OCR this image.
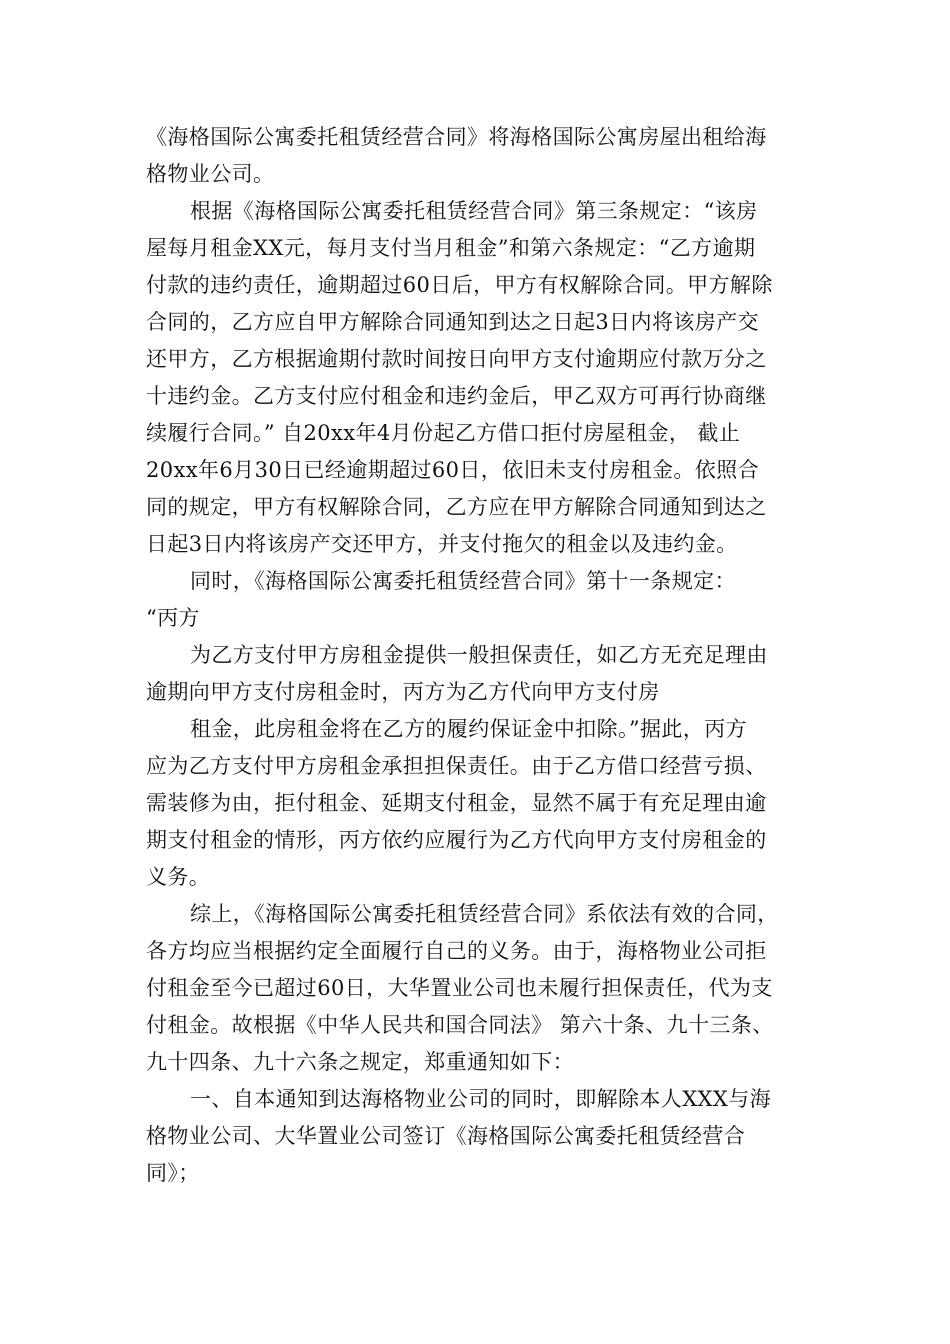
《海格国际公寓委托租赁经营合同》将海格国际公寓房屋出租给海
格物业公司。
根据《海格国际公寓委托租赁经营合同》第三条规定：“该房
屋每月租金XX元，每月支付当月租金”和第六条规定：“乙方逾期
付款的违约责任，逾期超过60日后，甲方有权解除合同。甲方解除
合同的，乙方应自甲方解除合同通知到达之日起3日内将该房产交
还甲方，乙方根据逾期付款时间按日向甲方支付逾期应付款万分之
十违约金。乙方支付应付租金和违约金后，甲乙双方可再行协商继
续履行合同。” 自20xx年4月份起乙方借口拒付房屋租金， 截止
20xx年6月30日已经逾期超过60日，依旧未支付房租金。依照合
同的规定，甲方有权解除合同，乙方应在甲方解除合同通知到达之
日起3日内将该房产交还甲方，并支付拖欠的租金以及违约金。
同时，《海格国际公寓委托租赁经营合同》第十一条规定：
“丙方
为乙方支付甲方房租金提供一般担保责任，如乙方无充足理由
逾期向甲方支付房租金时，丙方为乙方代向甲方支付房
租金，此房租金将在乙方的履约保证金中扣除。”据此，丙方
应为乙方支付甲方房租金承担担保责任。由于乙方借口经营亏损、
需装修为由，拒付租金、延期支付租金，显然不属于有充足理由逾
期支付租金的情形，丙方依约应履行为乙方代向甲方支付房租金的
义务。
综上，《海格国际公寓委托租赁经营合同》系依法有效的合同，
各方均应当根据约定全面履行自己的义务。由于，海格物业公司拒
付租金至今已超过60日，大华置业公司也未履行担保责任，代为支
付租金。故根据《中华人民共和国合同法》 第六十条、九十三条、
九十四条、九十六条之规定，郑重通知如下：
一、自本通知到达海格物业公司的同时，即解除本人XXX与海
格物业公司、大华置业公司签订《海格国际公寓委托租赁经营合
同》；
